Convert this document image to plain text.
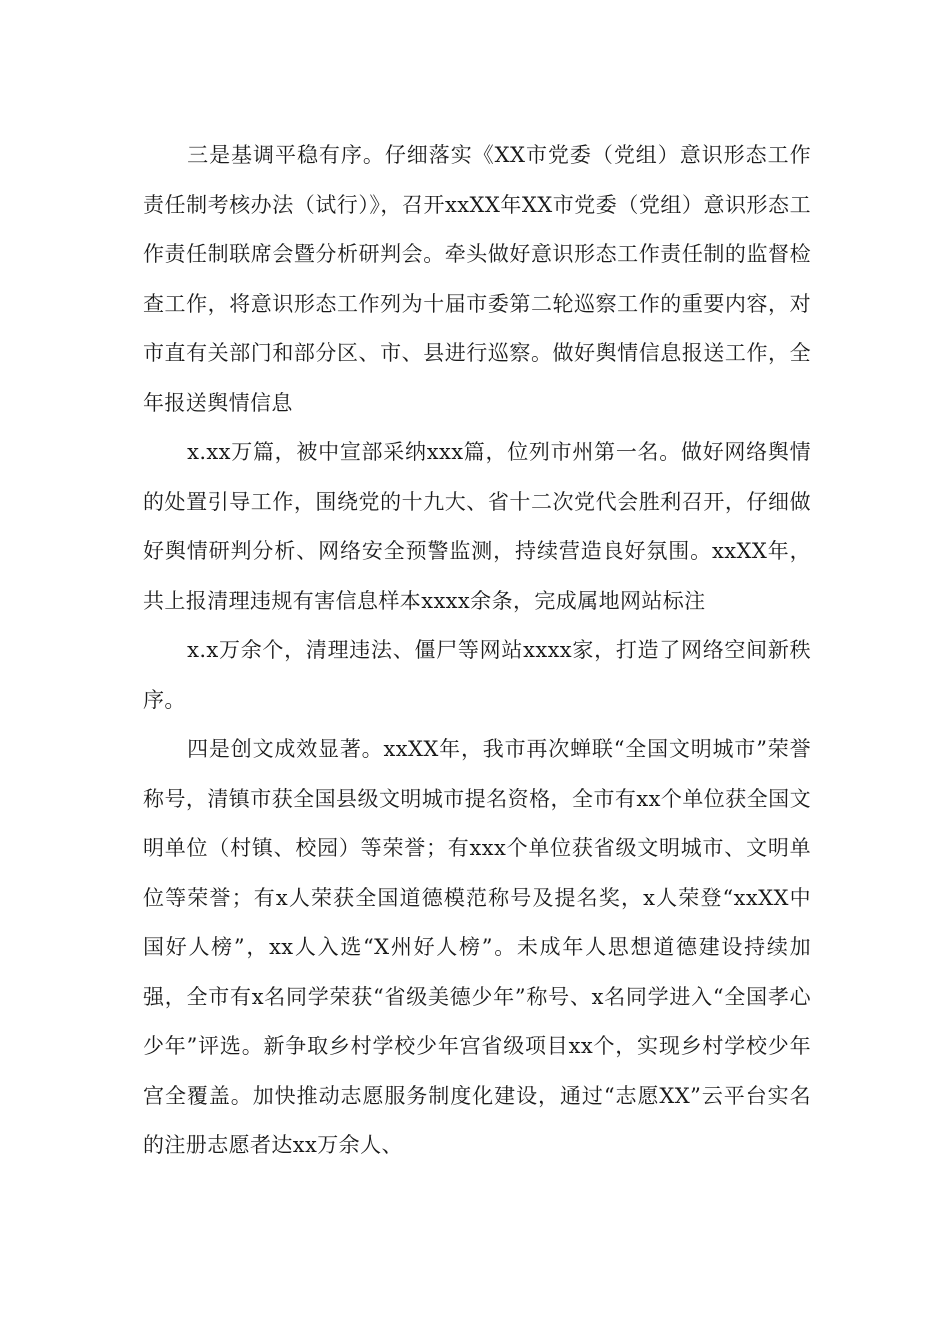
三是基调平稳有序。仔细落实《XX市党委（党组）意识形态工作责任制考核办法（试行）》，召开xxXX年XX市党委（党组）意识形态工作责任制联席会暨分析研判会。牵头做好意识形态工作责任制的监督检查工作，将意识形态工作列为十届市委第二轮巡察工作的重要内容，对市直有关部门和部分区、市、县进行巡察。做好舆情信息报送工作，全年报送舆情信息

x.xx万篇，被中宣部采纳xxx篇，位列市州第一名。做好网络舆情的处置引导工作，围绕党的十九大、省十二次党代会胜利召开，仔细做好舆情研判分析、网络安全预警监测，持续营造良好氛围。xxXX年，共上报清理违规有害信息样本xxxx余条，完成属地网站标注

x.x万余个，清理违法、僵尸等网站xxxx家，打造了网络空间新秩序。

四是创文成效显著。xxXX年，我市再次蝉联“全国文明城市”荣誉称号，清镇市获全国县级文明城市提名资格，全市有xx个单位获全国文明单位（村镇、校园）等荣誉；有xxx个单位获省级文明城市、文明单位等荣誉；有x人荣获全国道德模范称号及提名奖，x人荣登“xxXX中国好人榜”，xx人入选“X州好人榜”。未成年人思想道德建设持续加强，全市有x名同学荣获“省级美德少年”称号、x名同学进入“全国孝心少年”评选。新争取乡村学校少年宫省级项目xx个，实现乡村学校少年宫全覆盖。加快推动志愿服务制度化建设，通过“志愿XX”云平台实名的注册志愿者达xx万余人、
